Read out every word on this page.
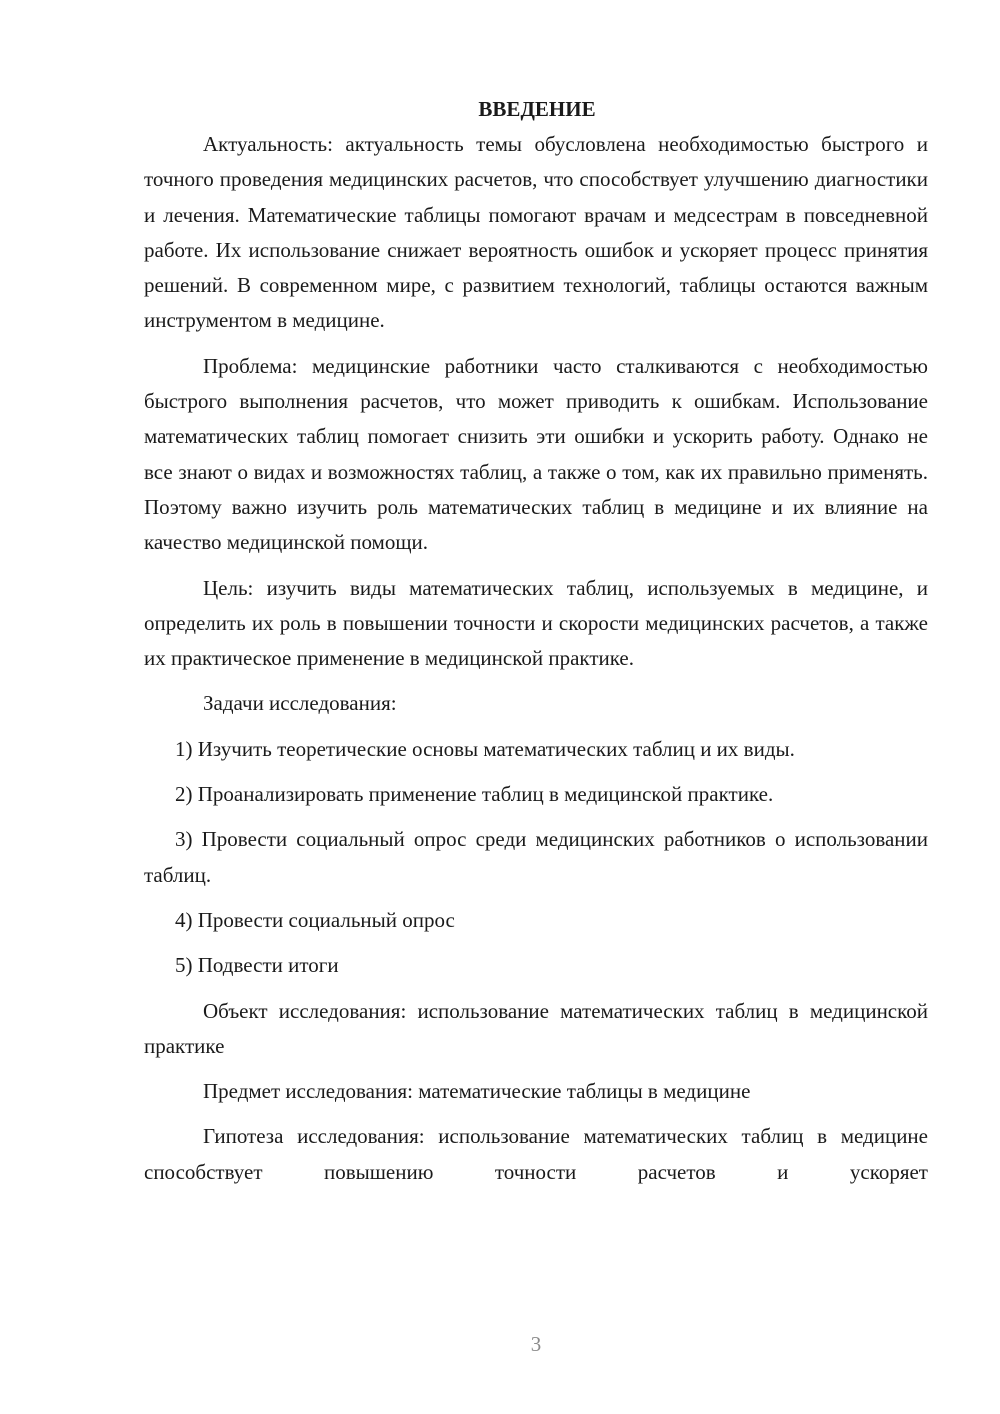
ВВЕДЕНИЕ

Актуальность: актуальность темы обусловлена необходимостью быстрого и точного проведения медицинских расчетов, что способствует улучшению диагностики и лечения. Математические таблицы помогают врачам и медсестрам в повседневной работе. Их использование снижает вероятность ошибок и ускоряет процесс принятия решений. В современном мире, с развитием технологий, таблицы остаются важным инструментом в медицине.

Проблема: медицинские работники часто сталкиваются с необходимостью быстрого выполнения расчетов, что может приводить к ошибкам. Использование математических таблиц помогает снизить эти ошибки и ускорить работу. Однако не все знают о видах и возможностях таблиц, а также о том, как их правильно применять. Поэтому важно изучить роль математических таблиц в медицине и их влияние на качество медицинской помощи.

Цель: изучить виды математических таблиц, используемых в медицине, и определить их роль в повышении точности и скорости медицинских расчетов, а также их практическое применение в медицинской практике.

Задачи исследования:

1) Изучить теоретические основы математических таблиц и их виды.

2) Проанализировать применение таблиц в медицинской практике.

3) Провести социальный опрос среди медицинских работников о использовании таблиц.

4) Провести социальный опрос

5) Подвести итоги

Объект исследования: использование математических таблиц в медицинской практике

Предмет исследования: математические таблицы в медицине

Гипотеза исследования: использование математических таблиц в медицине способствует повышению точности расчетов и ускоряет

3
